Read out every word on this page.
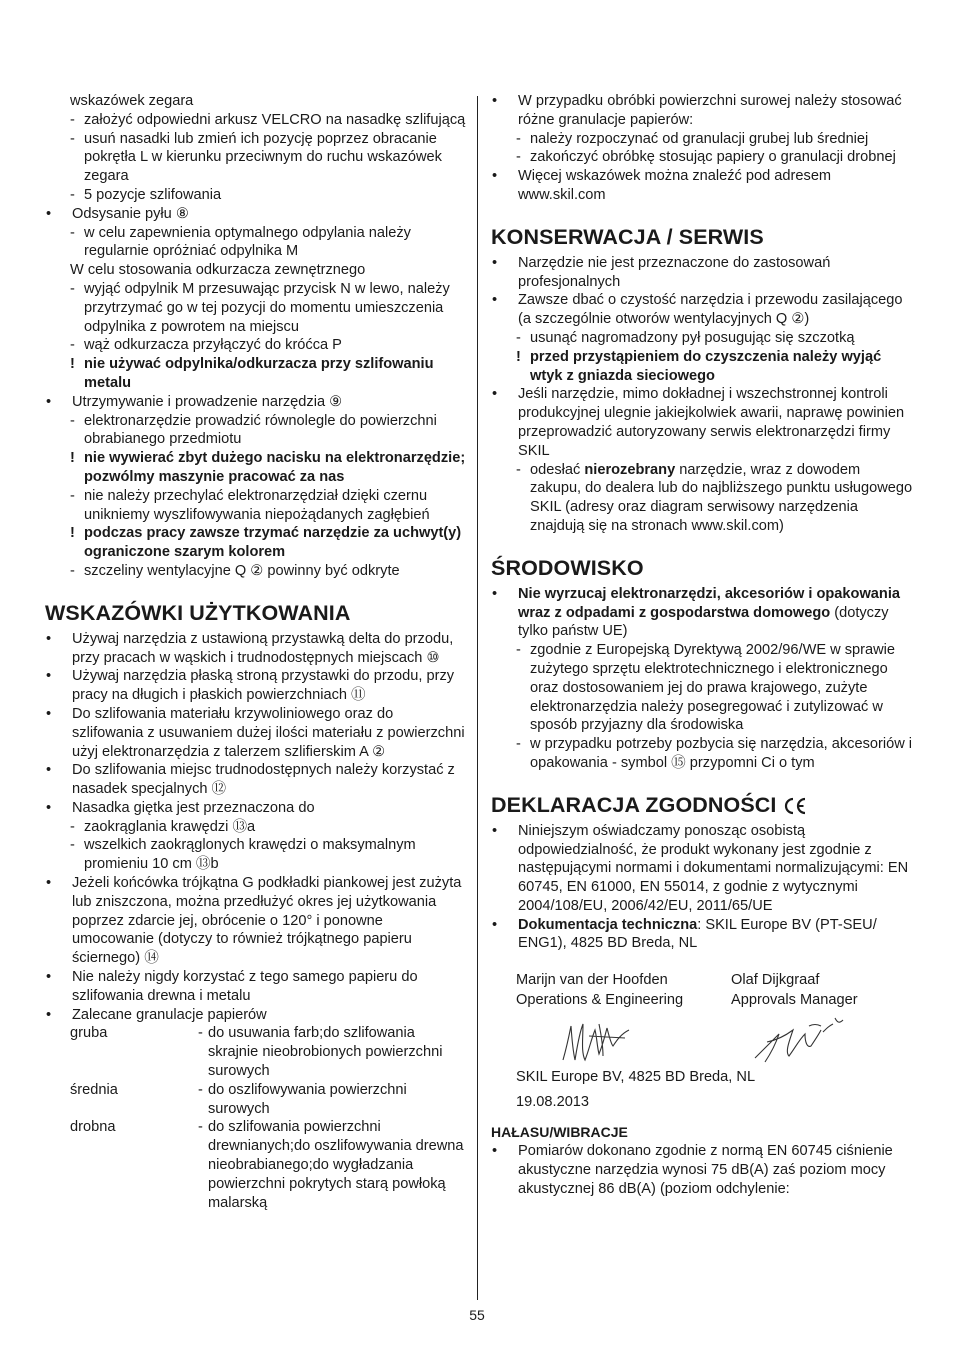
wskazówek zegara
- założyć odpowiedni arkusz VELCRO na nasadkę szlifującą
- usuń nasadki lub zmień ich pozycję poprzez obracanie pokrętła L w kierunku przeciwnym do ruchu wskazówek zegara
- 5 pozycje szlifowania
•	Odsysanie pyłu ⑧
- w celu zapewnienia optymalnego odpylania należy regularnie opróżniać odpylnika M
W celu stosowania odkurzacza zewnętrznego
- wyjąć odpylnik M przesuwając przycisk N w lewo, należy przytrzymać go w tej pozycji do momentu umieszczenia odpylnika z powrotem na miejscu
- wąż odkurzacza przyłączyć do króćca P
! nie używać odpylnika/odkurzacza przy szlifowaniu metalu
•	Utrzymywanie i prowadzenie narzędzia ⑨
- elektronarzędzie prowadzić równolegle do powierzchni obrabianego przedmiotu
! nie wywierać zbyt dużego nacisku na elektronarzędzie; pozwólmy maszynie pracować za nas
- nie należy przechylać elektronarzędział dzięki czernu unikniemy wyszlifowywania niepożądanych zagłębień
! podczas pracy zawsze trzymać narzędzie za uchwyt(y) ograniczone szarym kolorem
- szczeliny wentylacyjne Q ② powinny być odkryte
WSKAZÓWKI UŻYTKOWANIA
•	Używaj narzędzia z ustawioną przystawką delta do przodu, przy pracach w wąskich i trudnodostępnych miejscach ⑩
•	Używaj narzędzia płaską stroną przystawki do przodu, przy pracy na długich i płaskich powierzchniach ⑪
•	Do szlifowania materiału krzywoliniowego oraz do szlifowania z usuwaniem dużej ilości materiału z powierzchni użyj elektronarzędzia z talerzem szlifierskim A ②
•	Do szlifowania miejsc trudnodostępnych należy korzystać z nasadek specjalnych ⑫
•	Nasadka giętka jest przeznaczona do
- zaokrąglania krawędzi ⑬a
- wszelkich zaokrąglonych krawędzi o maksymalnym promieniu 10 cm ⑬b
•	Jeżeli końcówka trójkątna G podkładki piankowej jest zużyta lub zniszczona, można przedłużyć okres jej użytkowania poprzez zdarcie jej, obrócenie o 120° i ponowne umocowanie (dotyczy to również trójkątnego papieru ściernego) ⑭
•	Nie należy nigdy korzystać z tego samego papieru do szlifowania drewna i metalu
•	Zalecane granulacje papierów
gruba	- do usuwania farb;do szlifowania skrajnie nieobrobionych powierzchni surowych
średnia	- do oszlifowywania powierzchni surowych
drobna	- do szlifowania powierzchni drewnianych;do oszlifowywania drewna nieobrabianego;do wygładzania powierzchni pokrytych starą powłoką malarską
•	W przypadku obróbki powierzchni surowej należy stosować różne granulacje papierów:
- należy rozpoczynać od granulacji grubej lub średniej
- zakończyć obróbkę stosując papiery o granulacji drobnej
•	Więcej wskazówek można znaleźć pod adresem www.skil.com
KONSERWACJA / SERWIS
•	Narzędzie nie jest przeznaczone do zastosowań profesjonalnych
•	Zawsze dbać o czystość narzędzia i przewodu zasilającego (a szczególnie otworów wentylacyjnych Q ②)
- usunąć nagromadzony pył posugując się szczotką
! przed przystąpieniem do czyszczenia należy wyjąć wtyk z gniazda sieciowego
•	Jeśli narzędzie, mimo dokładnej i wszechstronnej kontroli produkcyjnej ulegnie jakiejkolwiek awarii, naprawę powinien przeprowadzić autoryzowany serwis elektronarzędzi firmy SKIL
- odesłać nierozebrany narzędzie, wraz z dowodem zakupu, do dealera lub do najbliższego punktu usługowego SKIL (adresy oraz diagram serwisowy narzędzenia znajdują się na stronach www.skil.com)
ŚRODOWISKO
•	Nie wyrzucaj elektronarzędzi, akcesoriów i opakowania wraz z odpadami z gospodarstwa domowego (dotyczy tylko państw UE)
- zgodnie z Europejską Dyrektywą 2002/96/WE w sprawie zużytego sprzętu elektrotechnicznego i elektronicznego oraz dostosowaniem jej do prawa krajowego, zużyte elektronarzędzia należy posegregować i zutylizować w sposób przyjazny dla środowiska
- w przypadku potrzeby pozbycia się narzędzia, akcesoriów i opakowania - symbol ⑮ przypomni Ci o tym
DEKLARACJA ZGODNOŚCI
•	Niniejszym oświadczamy ponosząc osobistą odpowiedzialność, że produkt wykonany jest zgodnie z następującymi normami i dokumentami normalizującymi: EN 60745, EN 61000, EN 55014, z godnie z wytycznymi 2004/108/EU, 2006/42/EU, 2011/65/UE
•	Dokumentacja techniczna: SKIL Europe BV (PT-SEU/ ENG1), 4825 BD Breda, NL
Marijn van der Hoofden	Olaf Dijkgraaf
Operations & Engineering	Approvals Manager
SKIL Europe BV, 4825 BD Breda, NL
19.08.2013
HAŁASU/WIBRACJE
•	Pomiarów dokonano zgodnie z normą EN 60745 ciśnienie akustyczne narzędzia wynosi 75 dB(A) zaś poziom mocy akustycznej 86 dB(A) (poziom odchylenie:
55
